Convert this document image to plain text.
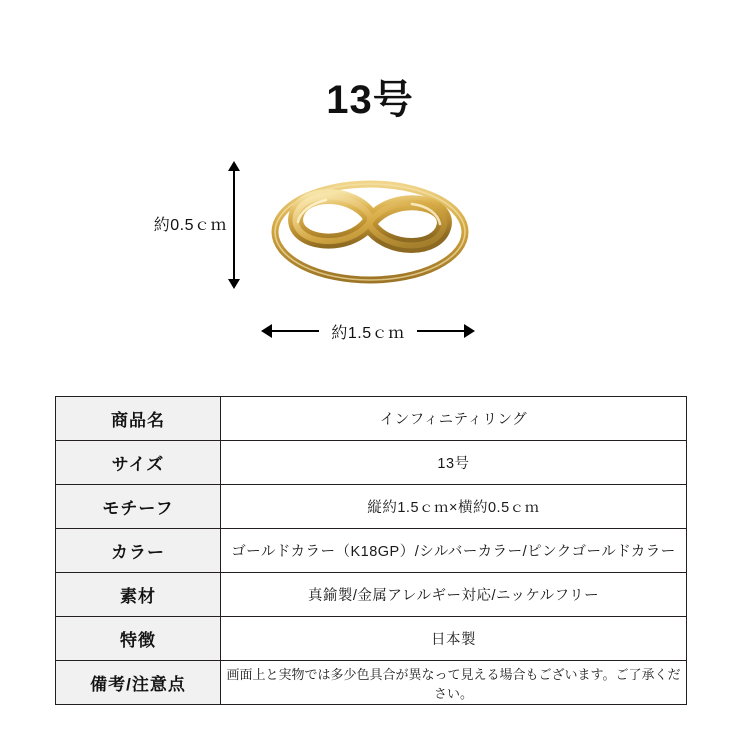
13号
約0.5ｃｍ
約1.5ｃｍ
商品名	インフィニティリング
サイズ	13号
モチーフ	縦約1.5ｃｍ×横約0.5ｃｍ
カラー	ゴールドカラー（K18GP）/シルバーカラー/ピンクゴールドカラー
素材	真鍮製/金属アレルギー対応/ニッケルフリー
特徴	日本製
備考/注意点	画面上と実物では多少色具合が異なって見える場合もございます。ご了承ください。
